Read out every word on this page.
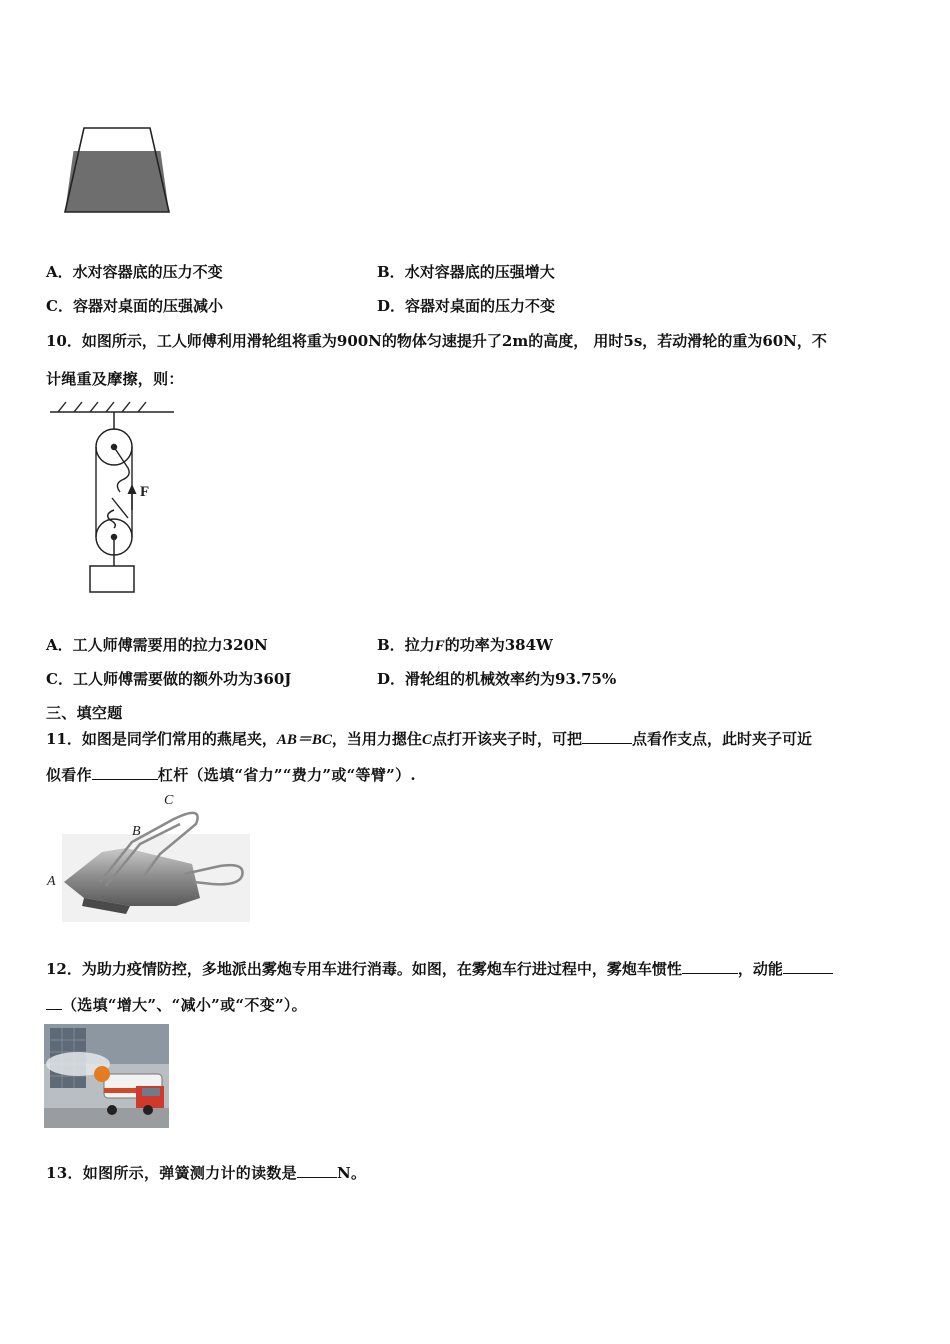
A．水对容器底的压力不变	B．水对容器底的压强增大
C．容器对桌面的压强减小	D．容器对桌面的压力不变
10．如图所示，工人师傅利用滑轮组将重为900N的物体匀速提升了2m的高度， 用时5s，若动滑轮的重为60N，不
计绳重及摩擦，则：
F
A．工人师傅需要用的拉力320N	B．拉力F的功率为384W
C．工人师傅需要做的额外功为360J	D．滑轮组的机械效率约为93.75%
三、填空题
11．如图是同学们常用的燕尾夹，AB＝BC，当用力摁住C点打开该夹子时，可把	点看作支点，此时夹子可近
似看作	杠杆（选填“省力”“费力”或“等臂”）.
C
B
A
12．为助力疫情防控，多地派出雾炮专用车进行消毒。如图，在雾炮车行进过程中，雾炮车惯性	，动能
（选填“增大”、“减小”或“不变”）。
13．如图所示，弹簧测力计的读数是	N。
